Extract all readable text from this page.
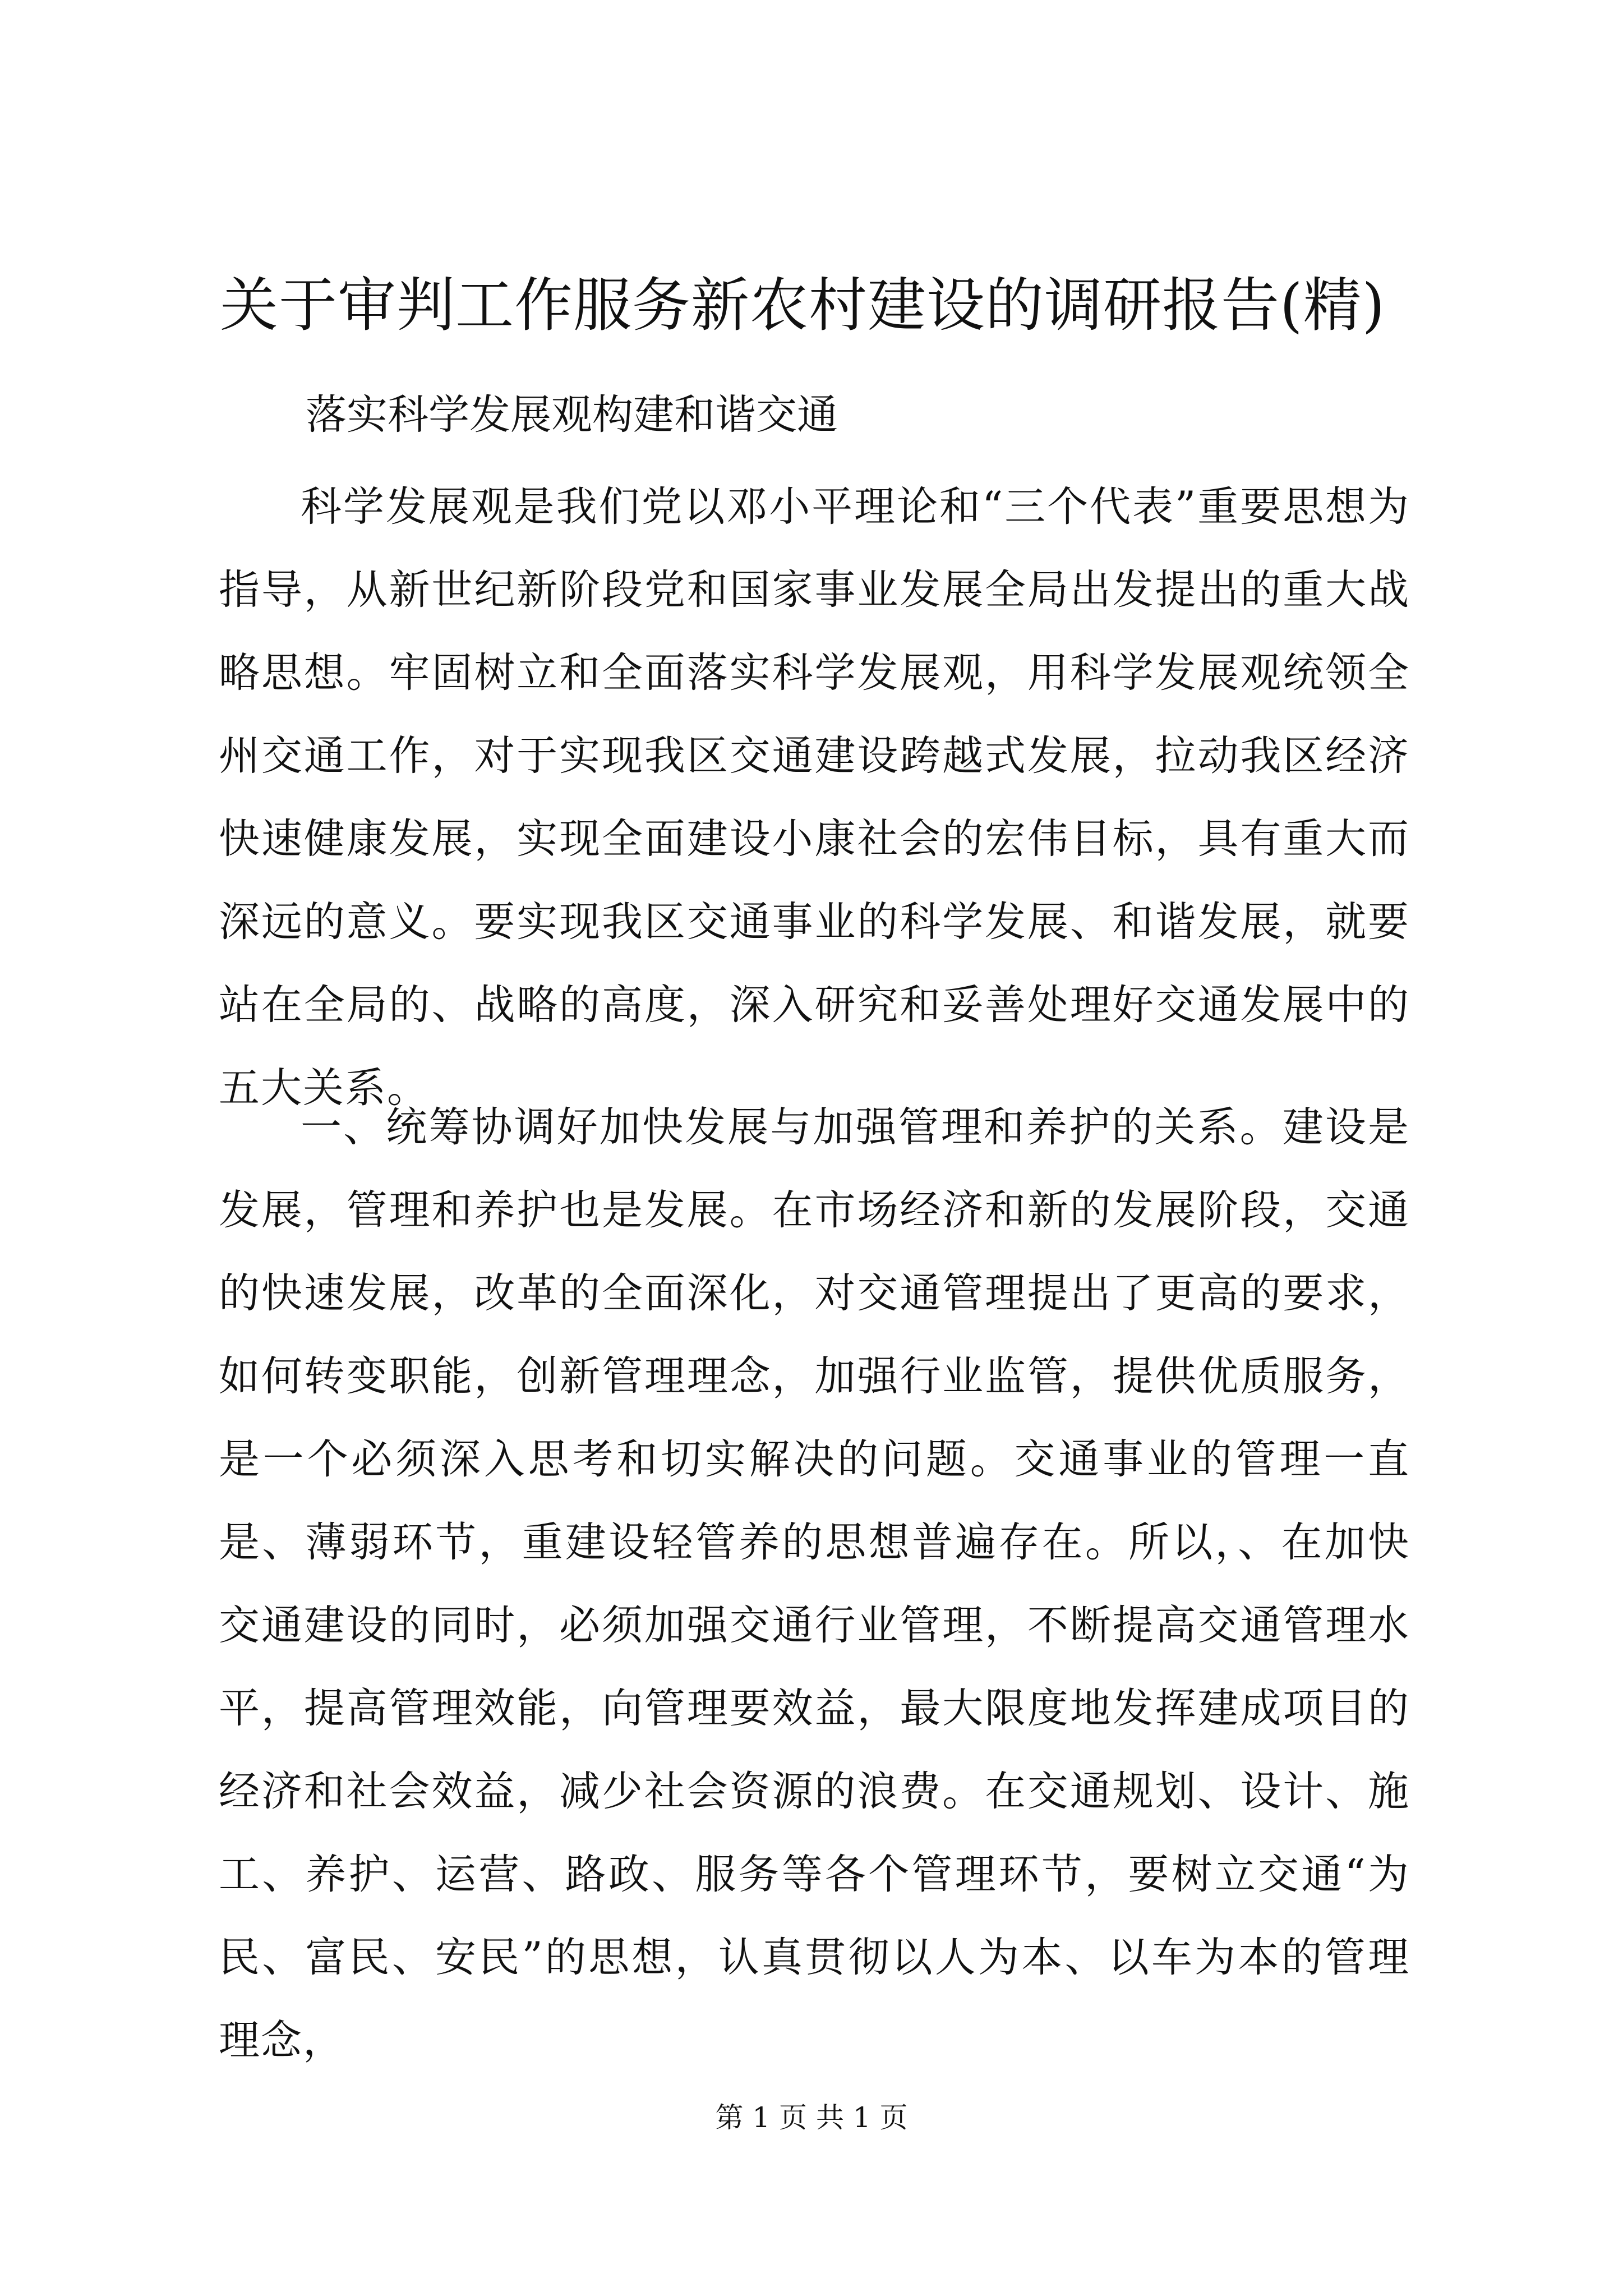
关于审判工作服务新农村建设的调研报告(精)

落实科学发展观构建和谐交通

科学发展观是我们党以邓小平理论和“三个代表”重要思想为指导，从新世纪新阶段党和国家事业发展全局出发提出的重大战略思想。牢固树立和全面落实科学发展观，用科学发展观统领全州交通工作，对于实现我区交通建设跨越式发展，拉动我区经济快速健康发展，实现全面建设小康社会的宏伟目标，具有重大而深远的意义。要实现我区交通事业的科学发展、和谐发展，就要站在全局的、战略的高度，深入研究和妥善处理好交通发展中的五大关系。

一、统筹协调好加快发展与加强管理和养护的关系。建设是发展，管理和养护也是发展。在市场经济和新的发展阶段，交通的快速发展，改革的全面深化，对交通管理提出了更高的要求，如何转变职能，创新管理理念，加强行业监管，提供优质服务，是一个必须深入思考和切实解决的问题。交通事业的管理一直是、薄弱环节，重建设轻管养的思想普遍存在。所以，、在加快交通建设的同时，必须加强交通行业管理，不断提高交通管理水平，提高管理效能，向管理要效益，最大限度地发挥建成项目的经济和社会效益，减少社会资源的浪费。在交通规划、设计、施工、养护、运营、路政、服务等各个管理环节，要树立交通“为民、富民、安民”的思想，认真贯彻以人为本、以车为本的管理理念，

第 1 页 共 1 页
